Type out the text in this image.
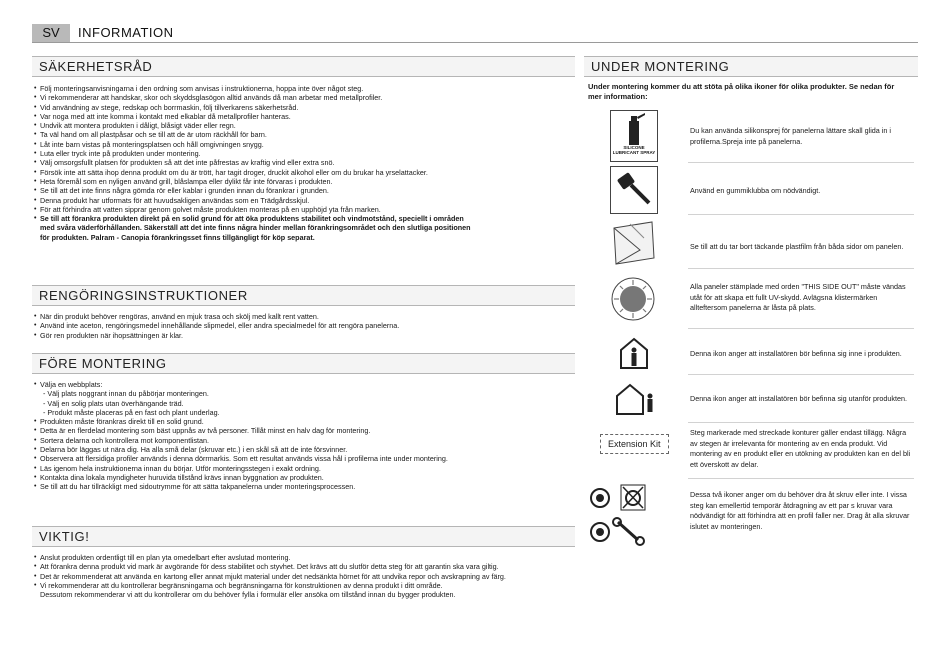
SV	INFORMATION
SÄKERHETSRÅD
• Följ monteringsanvisningarna i den ordning som anvisas i instruktionerna, hoppa inte över något steg.
• Vi rekommenderar att handskar, skor och skyddsglasögon alltid används då man arbetar med metallprofiler.
• Vid användning av stege, redskap och borrmaskin, följ tillverkarens säkerhetsråd.
• Var noga med att inte komma i kontakt med elkablar då metallprofiler hanteras.
• Undvik att montera produkten i dåligt, blåsigt väder eller regn.
• Ta väl hand om all plastpåsar och se till att de är utom räckhåll för barn.
• Låt inte barn vistas på monteringsplatsen och håll omgivningen snygg.
• Luta eller tryck inte på produkten under montering.
• Välj omsorgsfullt platsen för produkten så att det inte påfrestas av kraftig vind eller extra snö.
• Försök inte att sätta ihop denna produkt om du är trött, har tagit droger, druckit alkohol eller om du brukar ha yrselattacker.
• Heta föremål som en nyligen använd grill, blåslampa eller dylikt får inte förvaras i produkten.
• Se till att det inte finns några gömda rör eller kablar i grunden innan du förankrar i grunden.
• Denna produkt har utformats för att huvudsakligen användas som en Trädgårdsskjul.
• För att förhindra att vatten sipprar genom golvet måste produkten monteras på en upphöjd yta från marken.
• Se till att förankra produkten direkt på en solid grund för att öka produktens stabilitet och vindmotstånd, speciellt i områden
med svåra väderförhållanden. Säkerställ att det inte finns några hinder mellan förankringsområdet och den slutliga positionen
för produkten. Palram - Canopia förankringsset finns tillgängligt för köp separat.
RENGÖRINGSINSTRUKTIONER
• När din produkt behöver rengöras, använd en mjuk trasa och skölj med kallt rent vatten.
• Använd inte aceton, rengöringsmedel innehållande slipmedel, eller andra specialmedel för att rengöra panelerna.
• Gör ren produkten när ihopsättningen är klar.
FÖRE MONTERING
• Välja en webbplats:
- Välj plats noggrant innan du påbörjar monteringen.
- Välj en solig plats utan överhängande träd.
- Produkt måste placeras på en fast och plant underlag.
• Produkten måste förankras direkt till en solid grund.
• Detta är en flerdelad montering som bäst uppnås av två personer. Tillåt minst en halv dag för montering.
• Sortera delarna och kontrollera mot komponentlistan.
• Delarna bör läggas ut nära dig. Ha alla små delar (skruvar etc.) i en skål så att de inte försvinner.
• Observera att flersidiga profiler används i denna dörrmarkis. Som ett resultat används vissa hål i profilerna inte under montering.
• Läs igenom hela instruktionerna innan du börjar. Utför monteringsstegen i exakt ordning.
• Kontakta dina lokala myndigheter huruvida tillstånd krävs innan byggnation av produkten.
• Se till att du har tillräckligt med sidoutrymme för att sätta takpanelerna under monteringsprocessen.
VIKTIG!
• Anslut produkten ordentligt till en plan yta omedelbart efter avslutad montering.
• Att förankra denna produkt vid mark är avgörande för dess stabilitet och styvhet. Det krävs att du slutför detta steg för att garantin ska vara giltig.
• Det är rekommenderat att använda en kartong eller annat mjukt material under det nedsänkta hörnet för att undvika repor och avskrapning av färg.
• Vi rekommenderar att du kontrollerar begränsningarna och begränsningarna för konstruktionen av denna produkt i ditt område.
Dessutom rekommenderar vi att du kontrollerar om du behöver fylla i formulär eller ansöka om tillstånd innan du bygger produkten.
UNDER MONTERING
Under montering kommer du att stöta på olika ikoner för olika produkter. Se nedan för mer information:
SILICONE
LUBRICANT SPRAY
Du kan använda silikonsprej för panelerna lättare skall glida in i profilerna.Spreja inte på panelerna.
Använd en gummiklubba om nödvändigt.
Se till att du tar bort täckande plastfilm från båda sidor om panelen.
Alla paneler stämplade med orden "THIS SIDE OUT" måste vändas utåt för att skapa ett fullt UV-skydd. Avlägsna klistermärken allteftersom panelerna är låsta på plats.
Denna ikon anger att installatören bör befinna sig inne i produkten.
Denna ikon anger att installatören bör befinna sig utanför produkten.
Extension Kit
Steg markerade med streckade konturer gäller endast tillägg. Några av stegen är irrelevanta för montering av en enda produkt. Vid montering av en produkt eller en utökning av produkten kan en del bli ett överskott av delar.
Dessa två ikoner anger om du behöver dra åt skruv eller inte. I vissa steg kan emellertid temporär åtdragning av ett par s kruvar vara nödvändigt för att förhindra att en profil faller ner. Drag åt alla skruvar islutet av monteringen.
